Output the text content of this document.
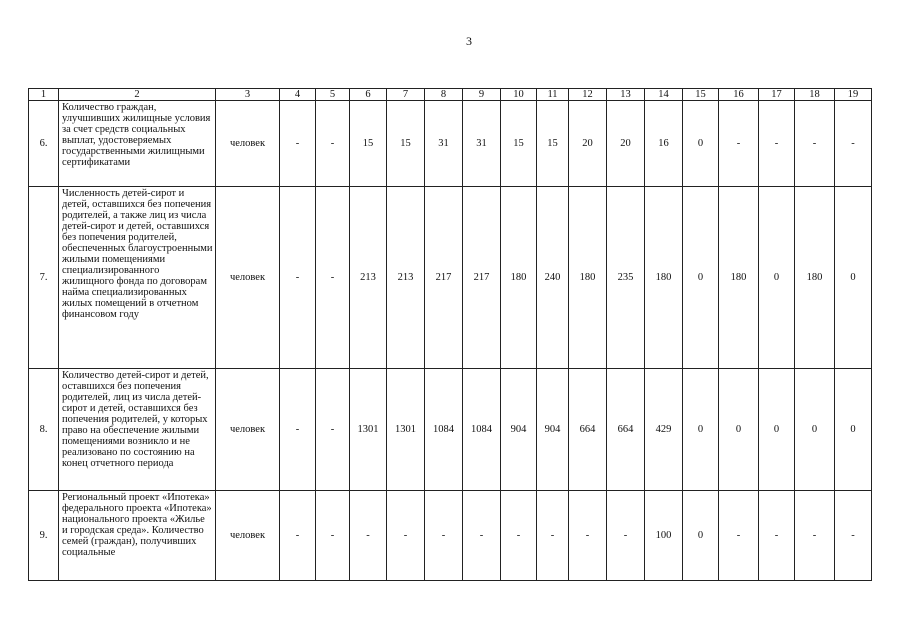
3
1	2	3	4	5	6	7	8	9	10	11	12	13	14	15	16	17	18	19
6.	Количество граждан, улучшивших жилищные условия за счет средств социальных выплат, удостоверяемых государственными жилищными сертификатами	человек	-	-	15	15	31	31	15	15	20	20	16	0	-	-	-	-
7.	Численность детей-сирот и детей, оставшихся без попечения родителей, а также лиц из числа детей-сирот и детей, оставшихся без попечения родителей, обеспеченных благоустроенными жилыми помещениями специализированного жилищного фонда по договорам найма специализированных жилых помещений в отчетном финансовом году	человек	-	-	213	213	217	217	180	240	180	235	180	0	180	0	180	0
8.	Количество детей-сирот и детей, оставшихся без попечения родителей, лиц из числа детей-сирот и детей, оставшихся без попечения родителей, у которых право на обеспечение жилыми помещениями возникло и не реализовано по состоянию на конец отчетного периода	человек	-	-	1301	1301	1084	1084	904	904	664	664	429	0	0	0	0	0
9.	Региональный проект «Ипотека» федерального проекта «Ипотека» национального проекта «Жилье и городская среда». Количество семей (граждан), получивших социальные	человек	-	-	-	-	-	-	-	-	-	-	100	0	-	-	-	-
